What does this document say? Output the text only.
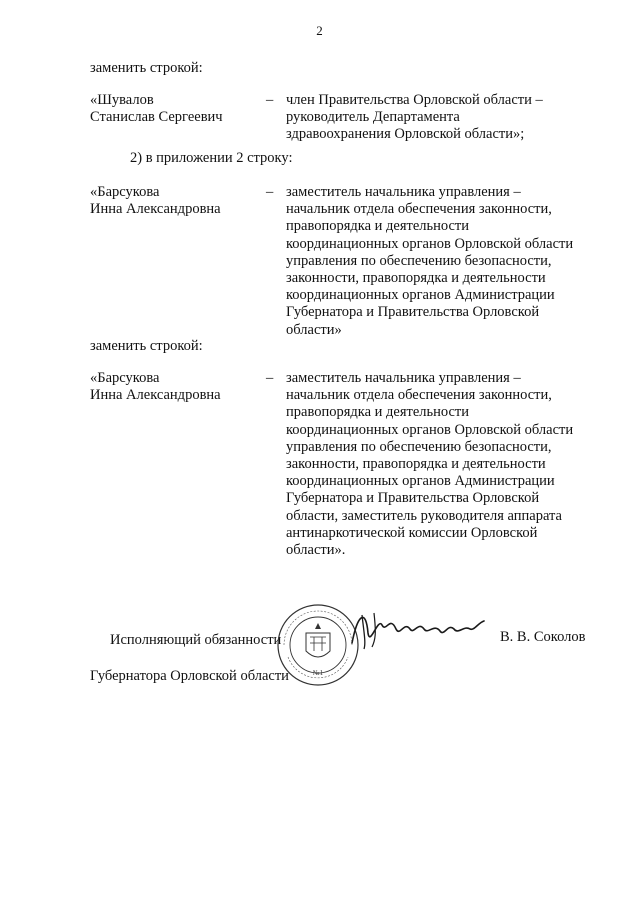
2
заменить строкой:
«Шувалов
Станислав Сергеевич
– член Правительства Орловской области –
руководитель Департамента
здравоохранения Орловской области»;
2) в приложении 2 строку:
«Барсукова
Инна Александровна
– заместитель начальника управления –
начальник отдела обеспечения законности,
правопорядка и деятельности
координационных органов Орловской области
управления по обеспечению безопасности,
законности, правопорядка и деятельности
координационных органов Администрации
Губернатора и Правительства Орловской
области»
заменить строкой:
«Барсукова
Инна Александровна
– заместитель начальника управления –
начальник отдела обеспечения законности,
правопорядка и деятельности
координационных органов Орловской области
управления по обеспечению безопасности,
законности, правопорядка и деятельности
координационных органов Администрации
Губернатора и Правительства Орловской
области, заместитель руководителя аппарата
антинаркотической комиссии Орловской
области».

Исполняющий обязанности

Губернатора Орловской области	№1
В. В. Соколов
